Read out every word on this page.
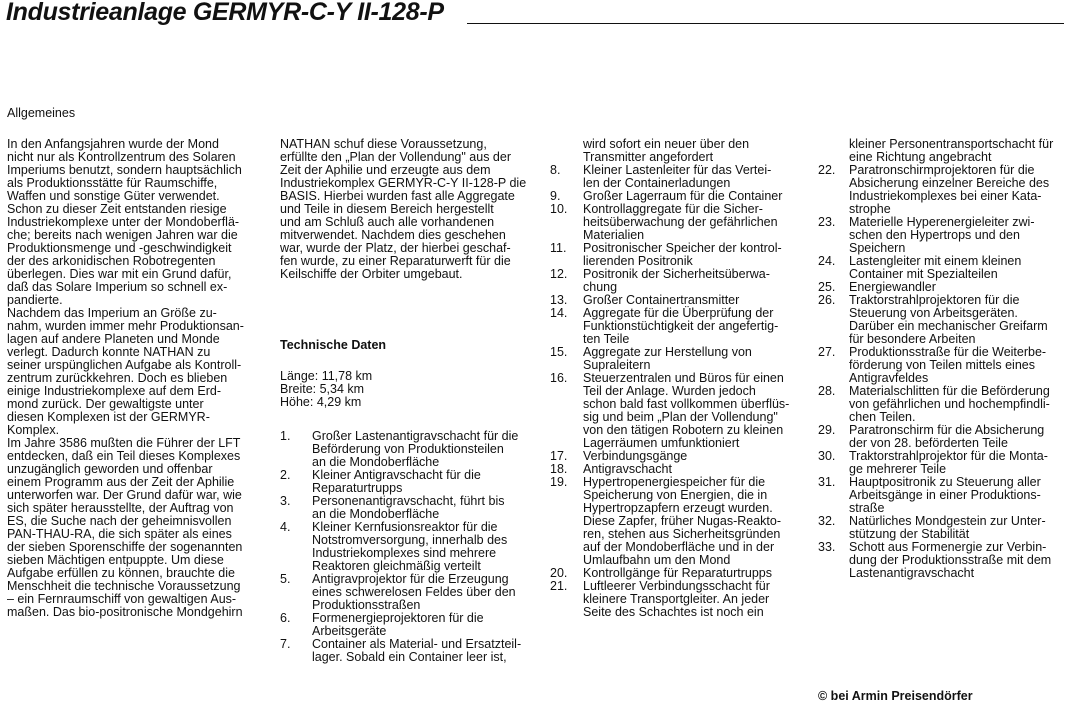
Industrieanlage GERMYR-C-Y II-128-P
Allgemeines

In den Anfangsjahren wurde der Mond

nicht nur als Kontrollzentrum des Solaren

Imperiums benutzt, sondern hauptsächlich

als Produktionsstätte für Raumschiffe,

Waffen und sonstige Güter verwendet.

Schon zu dieser Zeit entstanden riesige

Industriekomplexe unter der Mondoberflä-

che; bereits nach wenigen Jahren war die

Produktionsmenge und -geschwindigkeit

der des arkonidischen Robotregenten

überlegen. Dies war mit ein Grund dafür,

daß das Solare Imperium so schnell ex-

pandierte.

Nachdem das Imperium an Größe zu-

nahm, wurden immer mehr Produktionsan-

lagen auf andere Planeten und Monde

verlegt. Dadurch konnte NATHAN zu

seiner urspünglichen Aufgabe als Kontroll-

zentrum zurückkehren. Doch es blieben

einige Industriekomplexe auf dem Erd-

mond zurück. Der gewaltigste unter

diesen Komplexen ist der GERMYR-

Komplex.

Im Jahre 3586 mußten die Führer der LFT

entdecken, daß ein Teil dieses Komplexes

unzugänglich geworden und offenbar

einem Programm aus der Zeit der Aphilie

unterworfen war. Der Grund dafür war, wie

sich später herausstellte, der Auftrag von

ES, die Suche nach der geheimnisvollen

PAN-THAU-RA, die sich später als eines

der sieben Sporenschiffe der sogenannten

sieben Mächtigen entpuppte. Um diese

Aufgabe erfüllen zu können, brauchte die

Menschheit die technische Voraussetzung

– ein Fernraumschiff von gewaltigen Aus-

maßen. Das bio-positronische Mondgehirn

NATHAN schuf diese Voraussetzung,

erfüllte den „Plan der Vollendung" aus der

Zeit der Aphilie und erzeugte aus dem

Industriekomplex GERMYR-C-Y II-128-P die

BASIS. Hierbei wurden fast alle Aggregate

und Teile in diesem Bereich hergestellt

und am Schluß auch alle vorhandenen

mitverwendet. Nachdem dies geschehen

war, wurde der Platz, der hierbei geschaf-

fen wurde, zu einer Reparaturwerft für die

Keilschiffe der Orbiter umgebaut.

Technische Daten

Länge: 11,78 km

Breite: 5,34 km

Höhe: 4,29 km

1.	Großer Lastenantigravschacht für die
Beförderung von Produktionsteilen
an die Mondoberfläche
2.	Kleiner Antigravschacht für die
Reparaturtrupps
3.	Personenantigravschacht, führt bis
an die Mondoberfläche
4.	Kleiner Kernfusionsreaktor für die
Notstromversorgung, innerhalb des
Industriekomplexes sind mehrere
Reaktoren gleichmäßig verteilt
5.	Antigravprojektor für die Erzeugung
eines schwerelosen Feldes über den
Produktionsstraßen
6.	Formenergieprojektoren für die
Arbeitsgeräte
7.	Container als Material- und Ersatzteil-
lager. Sobald ein Container leer ist,
wird sofort ein neuer über den
Transmitter angefordert
8.	Kleiner Lastenleiter für das Vertei-
len der Containerladungen
9.	Großer Lagerraum für die Container
10.	Kontrollaggregate für die Sicher-
heitsüberwachung der gefährlichen
Materialien
11.	Positronischer Speicher der kontrol-
lierenden Positronik
12.	Positronik der Sicherheitsüberwa-
chung
13.	Großer Containertransmitter
14.	Aggregate für die Überprüfung der
Funktionstüchtigkeit der angefertig-
ten Teile
15.	Aggregate zur Herstellung von
Supraleitern
16.	Steuerzentralen und Büros für einen
Teil der Anlage. Wurden jedoch
schon bald fast vollkommen überflüs-
sig und beim „Plan der Vollendung"
von den tätigen Robotern zu kleinen
Lagerräumen umfunktioniert
17.	Verbindungsgänge
18.	Antigravschacht
19.	Hypertropenergiespeicher für die
Speicherung von Energien, die in
Hypertropzapfern erzeugt wurden.
Diese Zapfer, früher Nugas-Reakto-
ren, stehen aus Sicherheitsgründen
auf der Mondoberfläche und in der
Umlaufbahn um den Mond
20.	Kontrollgänge für Reparaturtrupps
21.	Luftleerer Verbindungsschacht für
kleinere Transportgleiter. An jeder
Seite des Schachtes ist noch ein
kleiner Personentransportschacht für
eine Richtung angebracht
22.	Paratronschirmprojektoren für die
Absicherung einzelner Bereiche des
Industriekomplexes bei einer Kata-
strophe
23.	Materielle Hyperenergieleiter zwi-
schen den Hypertrops und den
Speichern
24.	Lastengleiter mit einem kleinen
Container mit Spezialteilen
25.	Energiewandler
26.	Traktorstrahlprojektoren für die
Steuerung von Arbeitsgeräten.
Darüber ein mechanischer Greifarm
für besondere Arbeiten
27.	Produktionsstraße für die Weiterbe-
förderung von Teilen mittels eines
Antigravfeldes
28.	Materialschlitten für die Beförderung
von gefährlichen und hochempfindli-
chen Teilen.
29.	Paratronschirm für die Absicherung
der von 28. beförderten Teile
30.	Traktorstrahlprojektor für die Monta-
ge mehrerer Teile
31.	Hauptpositronik zu Steuerung aller
Arbeitsgänge in einer Produktions-
straße
32.	Natürliches Mondgestein zur Unter-
stützung der Stabilität
33.	Schott aus Formenergie zur Verbin-
dung der Produktionsstraße mit dem
Lastenantigravschacht
© bei Armin Preisendörfer
